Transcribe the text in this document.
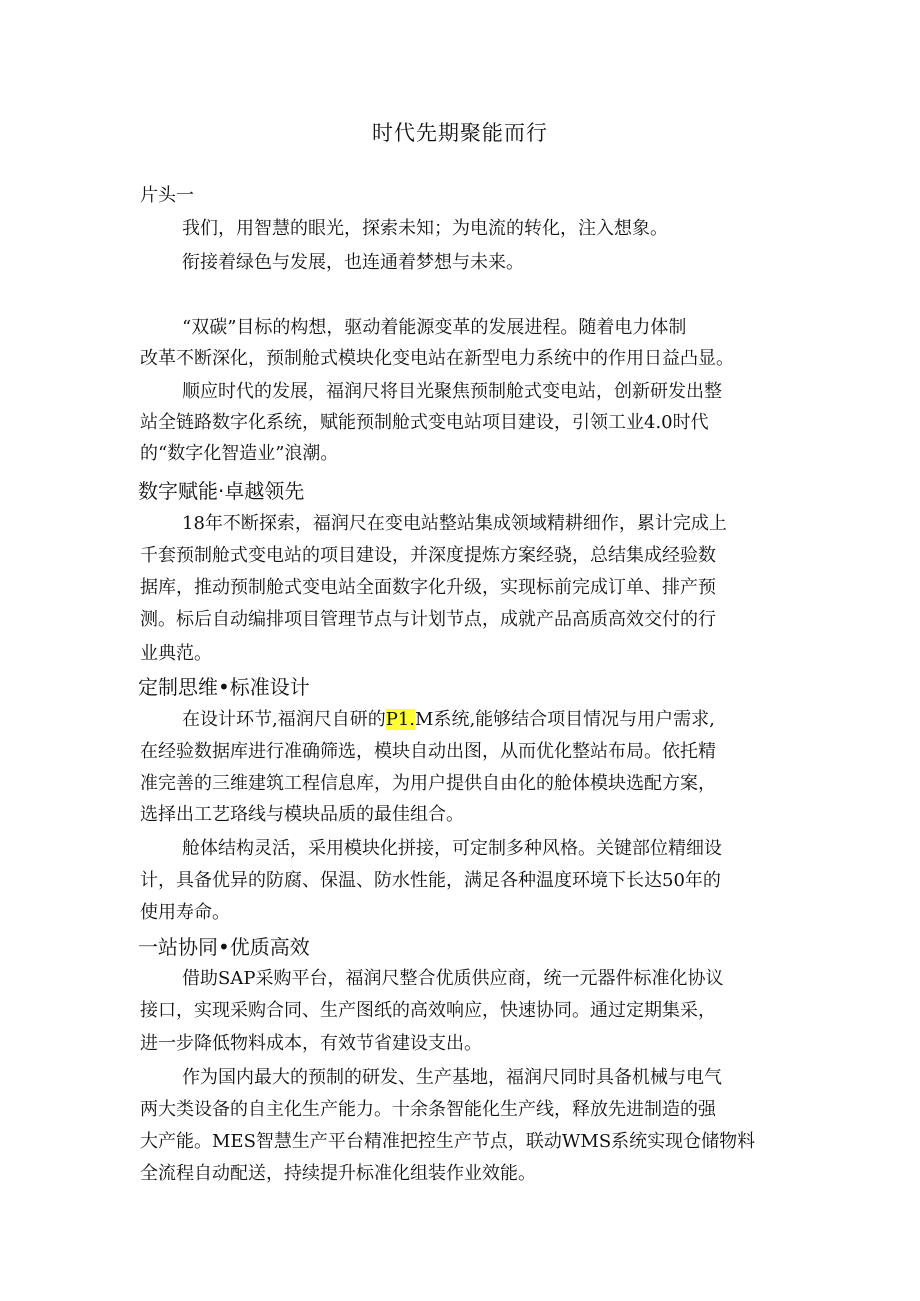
时代先期聚能而行

片头一

我们，用智慧的眼光，探索未知；为电流的转化，注入想象。

衔接着绿色与发展，也连通着梦想与未来。

“双碳”目标的构想，驱动着能源变革的发展进程。随着电力体制

改革不断深化，预制舱式模块化变电站在新型电力系统中的作用日益凸显。

顺应时代的发展，福润尺将目光聚焦预制舱式变电站，创新研发出整

站全链路数字化系统，赋能预制舱式变电站项目建设，引领工业4.0时代

的“数字化智造业”浪潮。

数字赋能·卓越领先

18年不断探索，福润尺在变电站整站集成领域精耕细作，累计完成上

千套预制舱式变电站的项目建设，并深度提炼方案经骁，总结集成经验数

据库，推动预制舱式变电站全面数字化升级，实现标前完成订单、排产预

测。标后自动编排项目管理节点与计划节点，成就产品高质高效交付的行

业典范。

定制思维•标准设计

在设计环节,福润尺自研的P1.M系统,能够结合项目情况与用户需求,

在经验数据库进行准确筛选，模块自动出图，从而优化整站布局。依托精

准完善的三维建筑工程信息库，为用户提供自由化的舱体模块选配方案，

选择出工艺珞线与模块品质的最佳组合。

舱体结构灵活，采用模块化拼接，可定制多种风格。关键部位精细设

计，具备优异的防腐、保温、防水性能，满足各种温度环境下长达50年的

使用寿命。

一站协同•优质高效

借助SAP采购平台，福润尺整合优质供应商，统一元器件标准化协议

接口，实现采购合同、生产图纸的高效响应，快速协同。通过定期集采，

进一步降低物料成本，有效节省建设支出。

作为国内最大的预制的研发、生产基地，福润尺同时具备机械与电气

两大类设备的自主化生产能力。十余条智能化生产线，释放先进制造的强

大产能。MES智慧生产平台精准把控生产节点，联动WMS系统实现仓储物料

全流程自动配送，持续提升标准化组装作业效能。
